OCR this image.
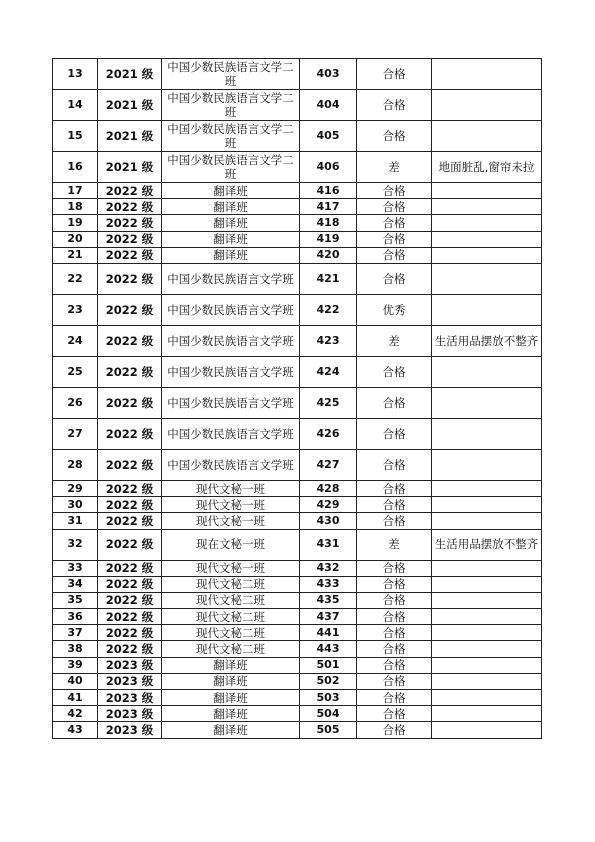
13	2021 级	中国少数民族语言文学二班	403	合格	
14	2021 级	中国少数民族语言文学二班	404	合格	
15	2021 级	中国少数民族语言文学二班	405	合格	
16	2021 级	中国少数民族语言文学二班	406	差	地面脏乱,窗帘未拉
17	2022 级	翻译班	416	合格	
18	2022 级	翻译班	417	合格	
19	2022 级	翻译班	418	合格	
20	2022 级	翻译班	419	合格	
21	2022 级	翻译班	420	合格	
22	2022 级	中国少数民族语言文学班	421	合格	
23	2022 级	中国少数民族语言文学班	422	优秀	
24	2022 级	中国少数民族语言文学班	423	差	生活用品摆放不整齐
25	2022 级	中国少数民族语言文学班	424	合格	
26	2022 级	中国少数民族语言文学班	425	合格	
27	2022 级	中国少数民族语言文学班	426	合格	
28	2022 级	中国少数民族语言文学班	427	合格	
29	2022 级	现代文秘一班	428	合格	
30	2022 级	现代文秘一班	429	合格	
31	2022 级	现代文秘一班	430	合格	
32	2022 级	现在文秘一班	431	差	生活用品摆放不整齐
33	2022 级	现代文秘一班	432	合格	
34	2022 级	现代文秘二班	433	合格	
35	2022 级	现代文秘二班	435	合格	
36	2022 级	现代文秘二班	437	合格	
37	2022 级	现代文秘二班	441	合格	
38	2022 级	现代文秘二班	443	合格	
39	2023 级	翻译班	501	合格	
40	2023 级	翻译班	502	合格	
41	2023 级	翻译班	503	合格	
42	2023 级	翻译班	504	合格	
43	2023 级	翻译班	505	合格	
